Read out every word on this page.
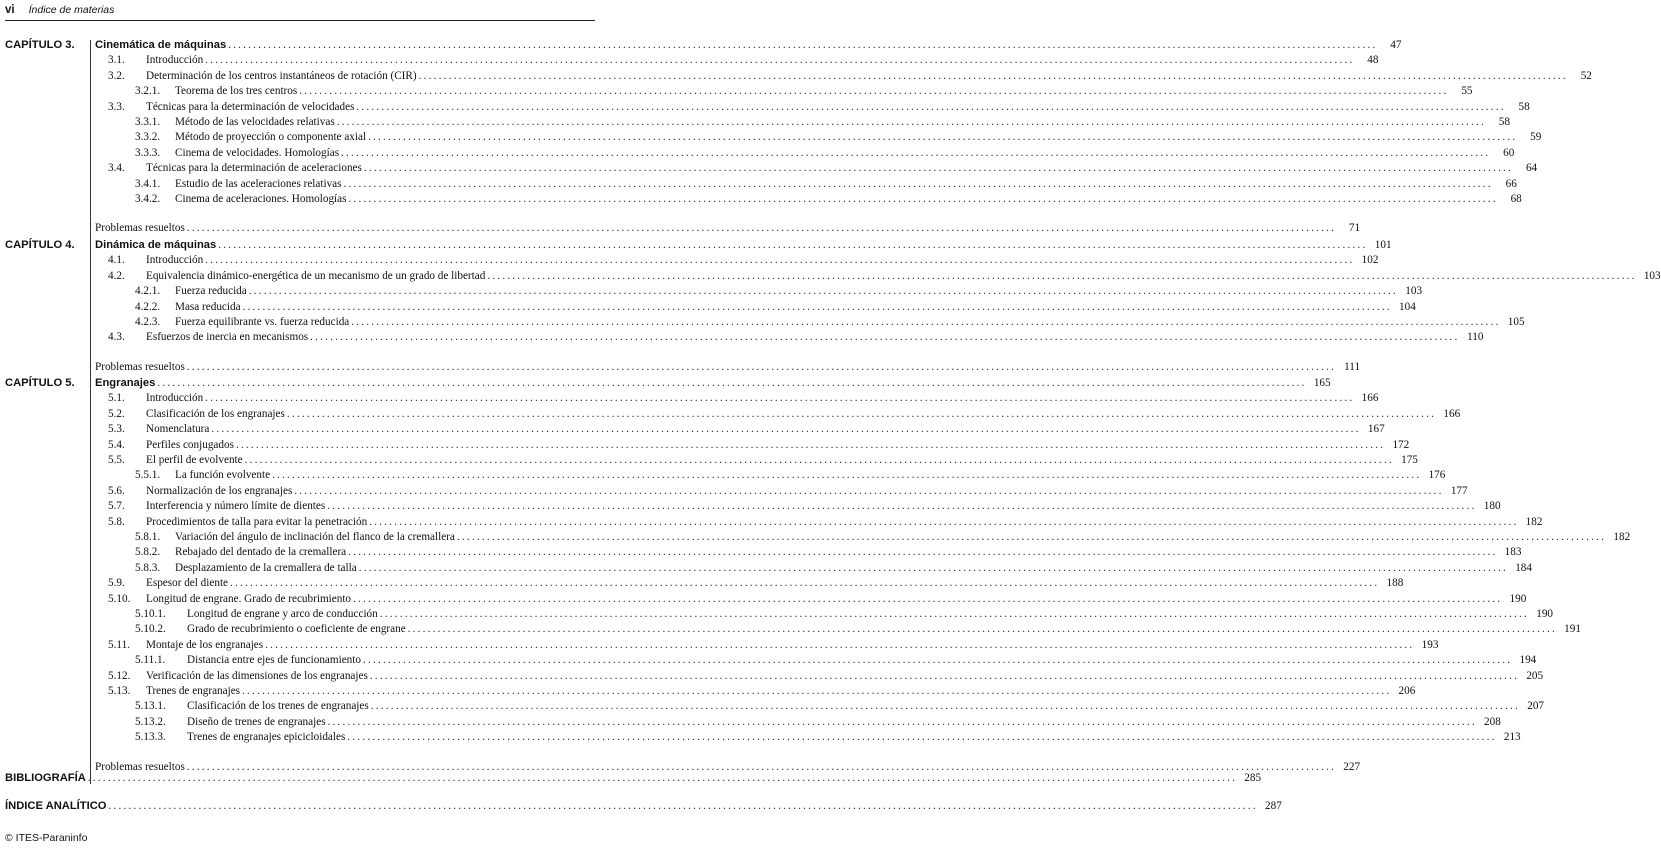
vi Índice de materias
CAPÍTULO 3. Cinemática de máquinas .....	47
3.1.	Introducción .....	48
3.2.	Determinación de los centros instantáneos de rotación (CIR) .....	52
3.2.1.	Teorema de los tres centros .....	55
3.3.	Técnicas para la determinación de velocidades .....	58
3.3.1.	Método de las velocidades relativas .....	58
3.3.2.	Método de proyección o componente axial .....	59
3.3.3.	Cinema de velocidades. Homologías .....	60
3.4.	Técnicas para la determinación de aceleraciones .....	64
3.4.1.	Estudio de las aceleraciones relativas .....	66
3.4.2.	Cinema de aceleraciones. Homologías .....	68
Problemas resueltos .....	71
CAPÍTULO 4. Dinámica de máquinas .....	101
4.1.	Introducción .....	102
4.2.	Equivalencia dinámico-energética de un mecanismo de un grado de libertad .....	103
4.2.1.	Fuerza reducida .....	103
4.2.2.	Masa reducida .....	104
4.2.3.	Fuerza equilibrante vs. fuerza reducida .....	105
4.3.	Esfuerzos de inercia en mecanismos .....	110
Problemas resueltos .....	111
CAPÍTULO 5. Engranajes .....	165
5.1.	Introducción .....	166
5.2.	Clasificación de los engranajes .....	166
5.3.	Nomenclatura .....	167
5.4.	Perfiles conjugados .....	172
5.5.	El perfil de evolvente .....	175
5.5.1.	La función evolvente .....	176
5.6.	Normalización de los engranajes .....	177
5.7.	Interferencia y número límite de dientes .....	180
5.8.	Procedimientos de talla para evitar la penetración .....	182
5.8.1.	Variación del ángulo de inclinación del flanco de la cremallera .....	182
5.8.2.	Rebajado del dentado de la cremallera .....	183
5.8.3.	Desplazamiento de la cremallera de talla .....	184
5.9.	Espesor del diente .....	188
5.10.	Longitud de engrane. Grado de recubrimiento .....	190
5.10.1.	Longitud de engrane y arco de conducción .....	190
5.10.2.	Grado de recubrimiento o coeficiente de engrane .....	191
5.11.	Montaje de los engranajes .....	193
5.11.1.	Distancia entre ejes de funcionamiento .....	194
5.12.	Verificación de las dimensiones de los engranajes .....	205
5.13.	Trenes de engranajes .....	206
5.13.1.	Clasificación de los trenes de engranajes .....	207
5.13.2.	Diseño de trenes de engranajes .....	208
5.13.3.	Trenes de engranajes epicicloidales .....	213
Problemas resueltos .....	227
BIBLIOGRAFÍA .....	285
ÍNDICE ANALÍTICO .....	287
© ITES-Paraninfo
